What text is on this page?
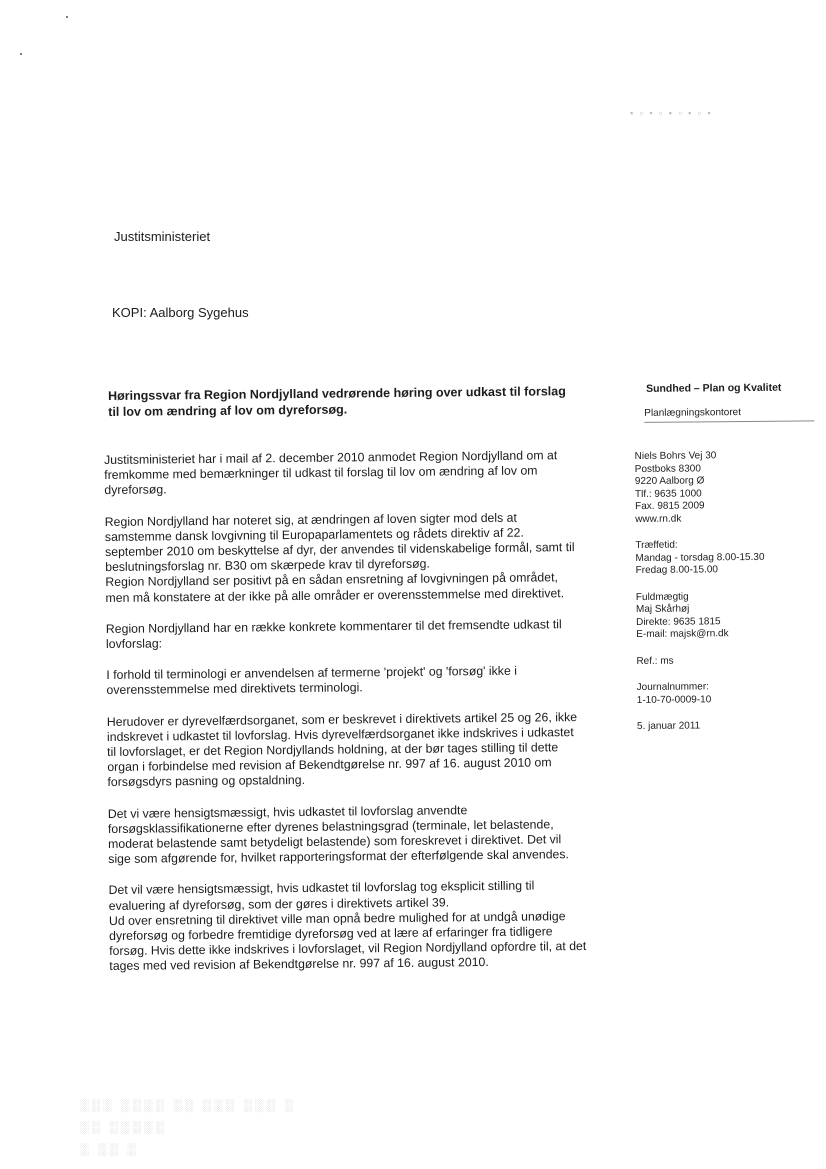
▪ ▫ ▪ ▫ ▪ ▫ ▪ ▫ ▪
Justitsministeriet
KOPI: Aalborg Sygehus
Høringssvar fra Region Nordjylland vedrørende høring over udkast til forslag til lov om ændring af lov om dyreforsøg.

Justitsministeriet har i mail af 2. december 2010 anmodet Region Nordjylland om at fremkomme med bemærkninger til udkast til forslag til lov om ændring af lov om dyreforsøg.

Region Nordjylland har noteret sig, at ændringen af loven sigter mod dels at samstemme dansk lovgivning til Europaparlamentets og rådets direktiv af 22. september 2010 om beskyttelse af dyr, der anvendes til videnskabelige formål, samt til beslutningsforslag nr. B30 om skærpede krav til dyreforsøg.
Region Nordjylland ser positivt på en sådan ensretning af lovgivningen på området, men må konstatere at der ikke på alle områder er overensstemmelse med direktivet.

Region Nordjylland har en række konkrete kommentarer til det fremsendte udkast til lovforslag:

I forhold til terminologi er anvendelsen af termerne 'projekt' og 'forsøg' ikke i overensstemmelse med direktivets terminologi.

Herudover er dyrevelfærdsorganet, som er beskrevet i direktivets artikel 25 og 26, ikke indskrevet i udkastet til lovforslag. Hvis dyrevelfærdsorganet ikke indskrives i udkastet til lovforslaget, er det Region Nordjyllands holdning, at der bør tages stilling til dette organ i forbindelse med revision af Bekendtgørelse nr. 997 af 16. august 2010 om forsøgsdyrs pasning og opstaldning.

Det vi være hensigtsmæssigt, hvis udkastet til lovforslag anvendte forsøgsklassifikationerne efter dyrenes belastningsgrad (terminale, let belastende, moderat belastende samt betydeligt belastende) som foreskrevet i direktivet. Det vil sige som afgørende for, hvilket rapporteringsformat der efterfølgende skal anvendes.

Det vil være hensigtsmæssigt, hvis udkastet til lovforslag tog eksplicit stilling til evaluering af dyreforsøg, som der gøres i direktivets artikel 39.
Ud over ensretning til direktivet ville man opnå bedre mulighed for at undgå unødige dyreforsøg og forbedre fremtidige dyreforsøg ved at lære af erfaringer fra tidligere forsøg. Hvis dette ikke indskrives i lovforslaget, vil Region Nordjylland opfordre til, at det tages med ved revision af Bekendtgørelse nr. 997 af 16. august 2010.

Sundhed – Plan og Kvalitet
Planlægningskontoret
Niels Bohrs Vej 30
Postboks 8300
9220 Aalborg Ø
Tlf.: 9635 1000
Fax. 9815 2009
www.rn.dk
Træffetid:
Mandag - torsdag 8.00-15.30
Fredag 8.00-15.00
Fuldmægtig
Maj Skårhøj
Direkte: 9635 1815
E-mail: majsk@rn.dk
Ref.: ms
Journalnummer:
1-10-70-0009-10
5. januar 2011
░░░ ░░░░ ░░ ░░░ ░░░ ░
░░ ░░░░░
░ ░░ ░
